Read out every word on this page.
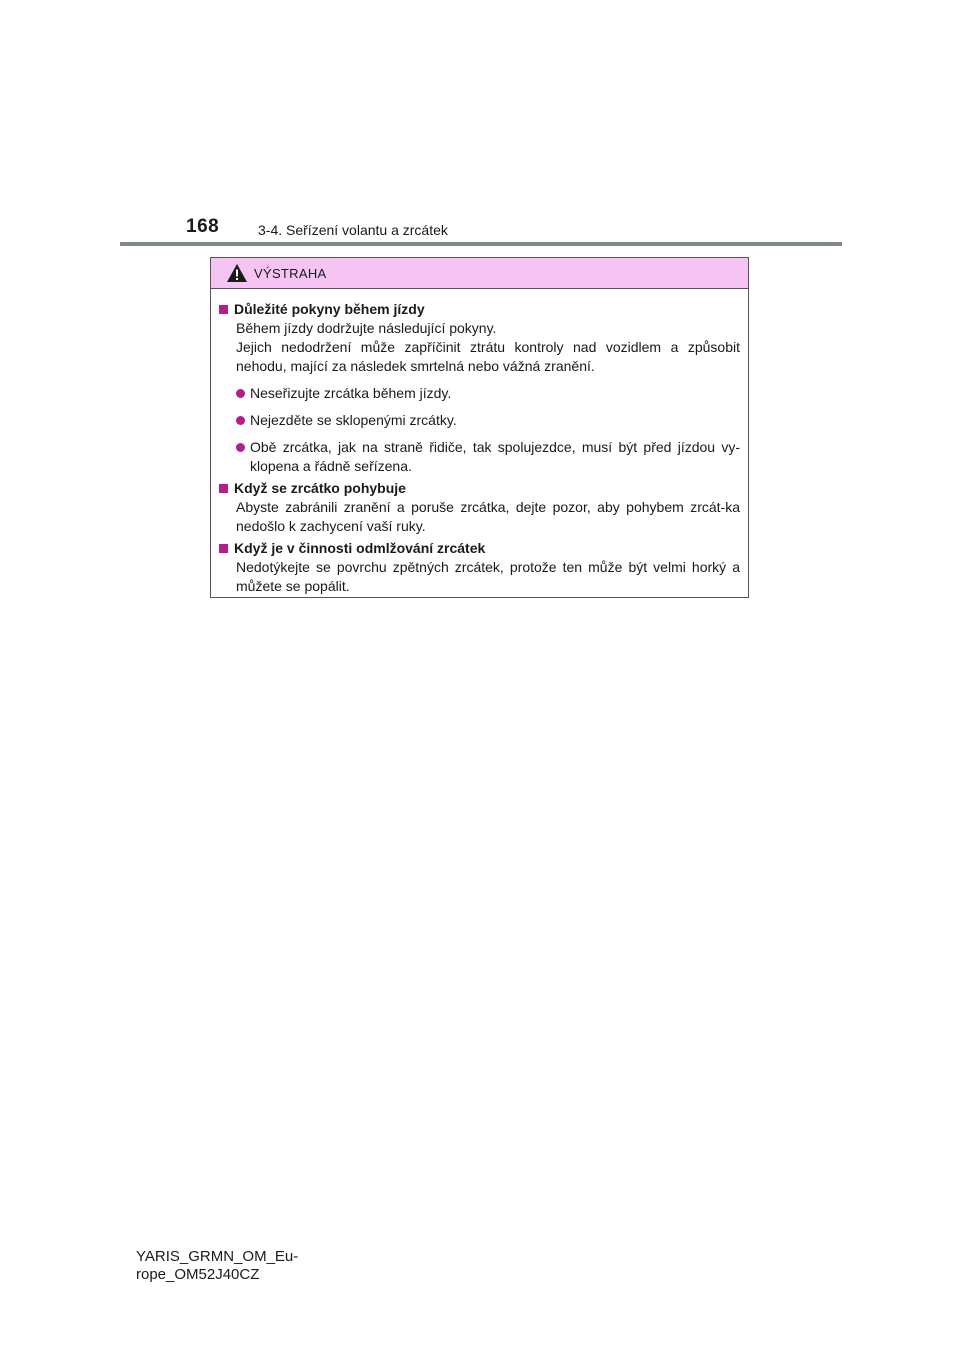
168	3-4. Seřízení volantu a zrcátek
VÝSTRAHA
Důležité pokyny během jízdy
Během jízdy dodržujte následující pokyny.
Jejich nedodržení může zapříčinit ztrátu kontroly nad vozidlem a způsobit nehodu, mající za následek smrtelná nebo vážná zranění.
Neseřizujte zrcátka během jízdy.
Nejezděte se sklopenými zrcátky.
Obě zrcátka, jak na straně řidiče, tak spolujezdce, musí být před jízdou vy-klopena a řádně seřízena.
Když se zrcátko pohybuje
Abyste zabránili zranění a poruše zrcátka, dejte pozor, aby pohybem zrcát-ka nedošlo k zachycení vaší ruky.
Když je v činnosti odmlžování zrcátek
Nedotýkejte se povrchu zpětných zrcátek, protože ten může být velmi horký a můžete se popálit.
YARIS_GRMN_OM_Eu-
rope_OM52J40CZ
